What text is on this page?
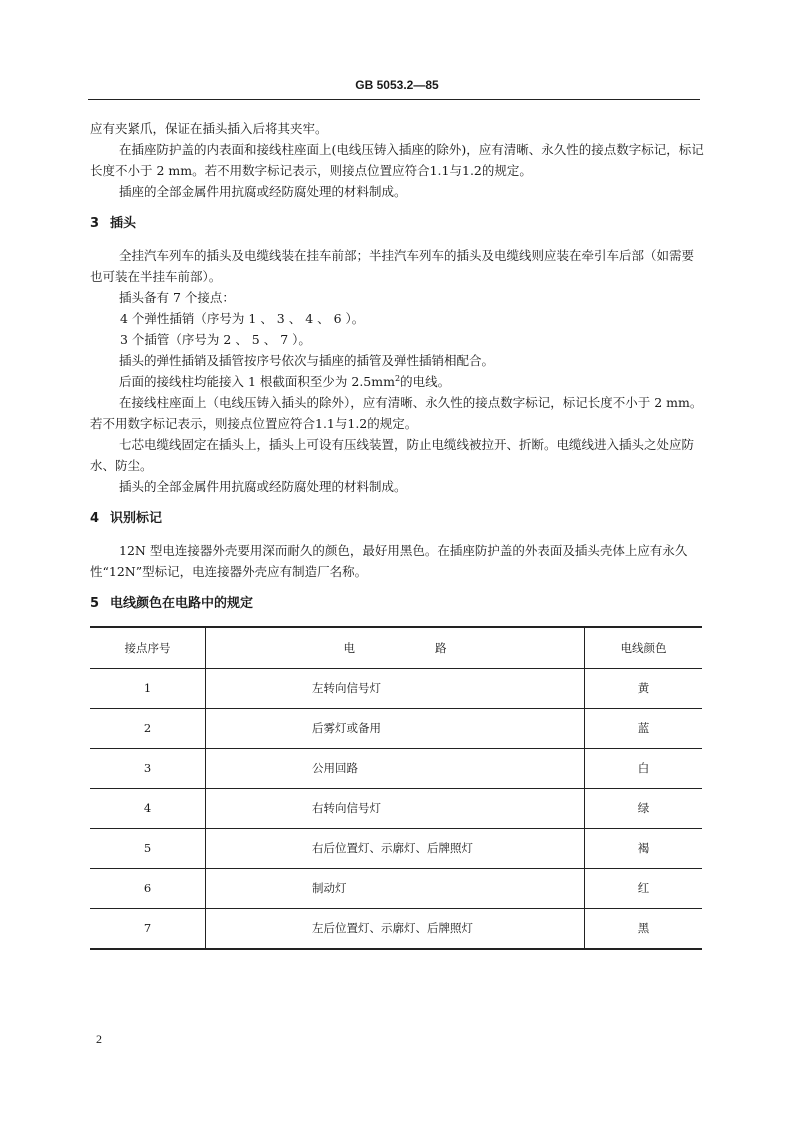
GB 5053.2—85

应有夹紧爪，保证在插头插入后将其夹牢。

在插座防护盖的内表面和接线柱座面上(电线压铸入插座的除外)，应有清晰、永久性的接点数字标记，标记长度不小于 2 mm。若不用数字标记表示，则接点位置应符合1.1与1.2的规定。

插座的全部金属件用抗腐或经防腐处理的材料制成。

3 插头

全挂汽车列车的插头及电缆线装在挂车前部；半挂汽车列车的插头及电缆线则应装在牵引车后部（如需要也可装在半挂车前部）。

插头备有 7 个接点：

4 个弹性插销（序号为 1 、 3 、 4 、 6 ）。

3 个插管（序号为 2 、 5 、 7 ）。

插头的弹性插销及插管按序号依次与插座的插管及弹性插销相配合。

后面的接线柱均能接入 1 根截面积至少为 $2.5mm^2$的电线。

在接线柱座面上（电线压铸入插头的除外），应有清晰、永久性的接点数字标记，标记长度不小于 2 mm。若不用数字标记表示，则接点位置应符合1.1与1.2的规定。

七芯电缆线固定在插头上，插头上可设有压线装置，防止电缆线被拉开、折断。电缆线进入插头之处应防水、防尘。

插头的全部金属件用抗腐或经防腐处理的材料制成。

4 识别标记

12N 型电连接器外壳要用深而耐久的颜色，最好用黑色。在插座防护盖的外表面及插头壳体上应有永久性“12N”型标记，电连接器外壳应有制造厂名称。

5 电线颜色在电路中的规定

接点序号	电路	电线颜色
1	左转向信号灯	黄
2	后雾灯或备用	蓝
3	公用回路	白
4	右转向信号灯	绿
5	右后位置灯、示廓灯、后牌照灯	褐
6	制动灯	红
7	左后位置灯、示廓灯、后牌照灯	黑
2
